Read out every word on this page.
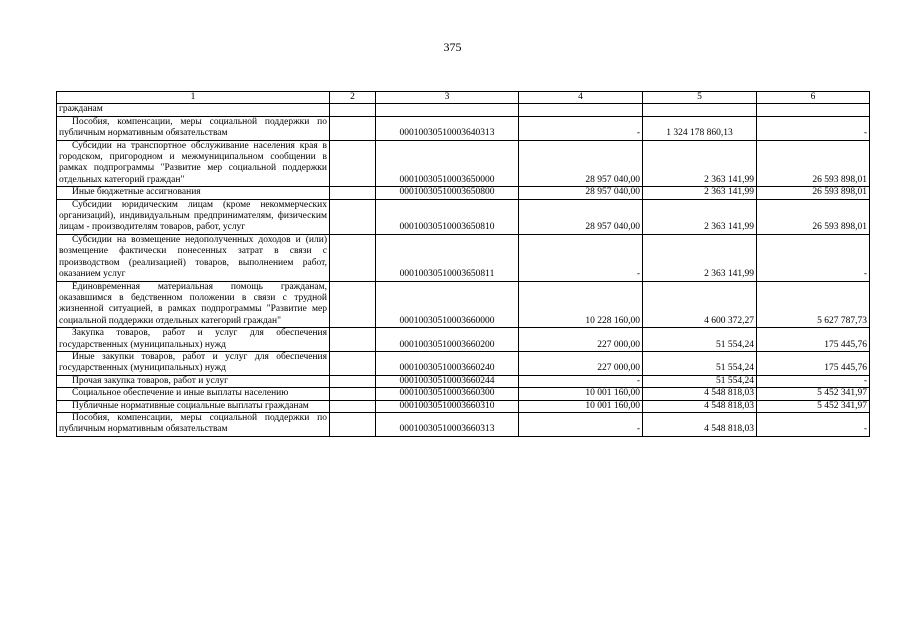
375
1	2	3	4	5	6

гражданам					

Пособия, компенсации, меры социальной поддержки по публичным нормативным обязательствам		00010030510003640313	-	1 324 178 860,13	-

Субсидии на транспортное обслуживание населения края в городском, пригородном и межмуниципальном сообщении в рамках подпрограммы "Развитие мер социальной поддержки отдельных категорий граждан"		00010030510003650000	28 957 040,00	2 363 141,99	26 593 898,01

Иные бюджетные ассигнования		00010030510003650800	28 957 040,00	2 363 141,99	26 593 898,01

Субсидии юридическим лицам (кроме некоммерческих организаций), индивидуальным предпринимателям, физическим лицам - производителям товаров, работ, услуг		00010030510003650810	28 957 040,00	2 363 141,99	26 593 898,01

Субсидии на возмещение недополученных доходов и (или) возмещение фактически понесенных затрат в связи с производством (реализацией) товаров, выполнением работ, оказанием услуг		00010030510003650811	-	2 363 141,99	-

Единовременная материальная помощь гражданам, оказавшимся в бедственном положении в связи с трудной жизненной ситуацией, в рамках подпрограммы "Развитие мер социальной поддержки отдельных категорий граждан"		00010030510003660000	10 228 160,00	4 600 372,27	5 627 787,73

Закупка товаров, работ и услуг для обеспечения государственных (муниципальных) нужд		00010030510003660200	227 000,00	51 554,24	175 445,76

Иные закупки товаров, работ и услуг для обеспечения государственных (муниципальных) нужд		00010030510003660240	227 000,00	51 554,24	175 445,76

Прочая закупка товаров, работ и услуг		00010030510003660244	-	51 554,24	-

Социальное обеспечение и иные выплаты населению		00010030510003660300	10 001 160,00	4 548 818,03	5 452 341,97

Публичные нормативные социальные выплаты гражданам		00010030510003660310	10 001 160,00	4 548 818,03	5 452 341,97

Пособия, компенсации, меры социальной поддержки по публичным нормативным обязательствам		00010030510003660313	-	4 548 818,03	-
